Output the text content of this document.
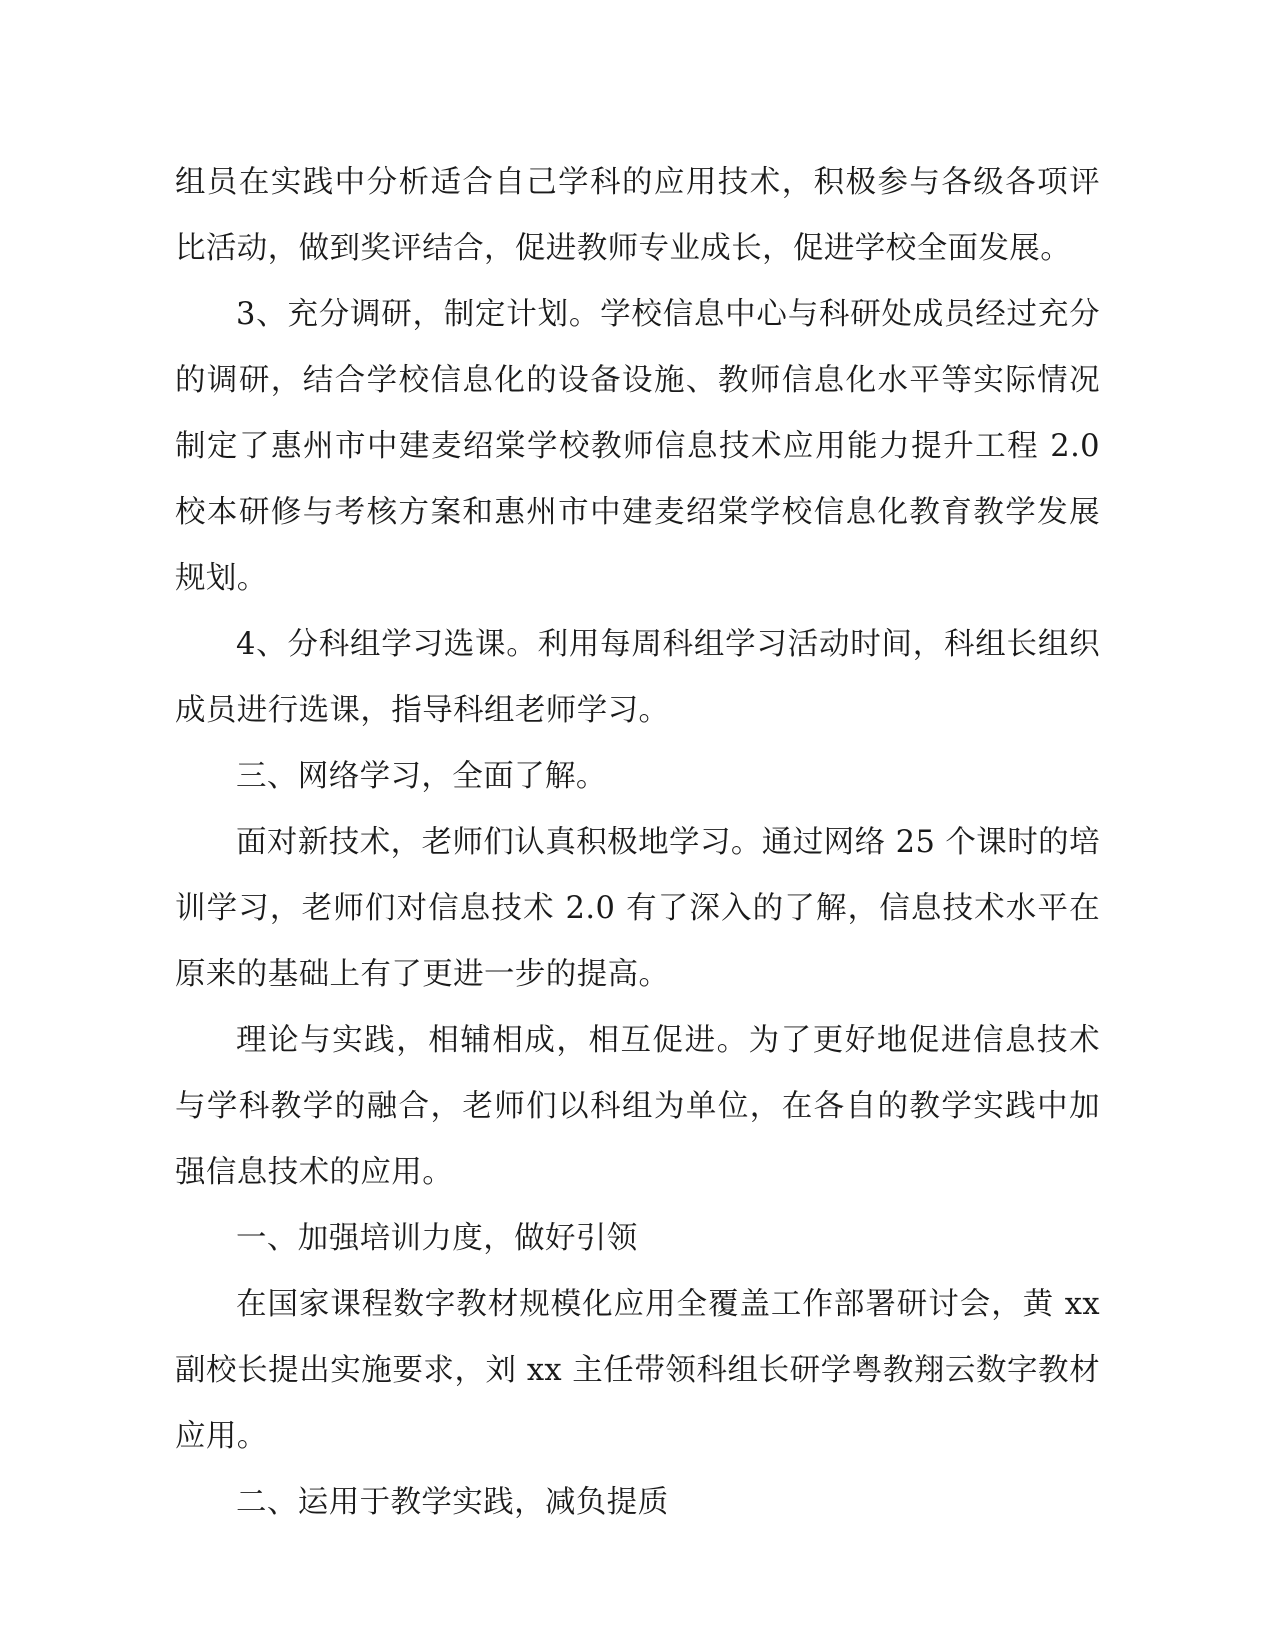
组员在实践中分析适合自己学科的应用技术，积极参与各级各项评比活动，做到奖评结合，促进教师专业成长，促进学校全面发展。

3、充分调研，制定计划。学校信息中心与科研处成员经过充分的调研，结合学校信息化的设备设施、教师信息化水平等实际情况制定了惠州市中建麦绍棠学校教师信息技术应用能力提升工程 2.0 校本研修与考核方案和惠州市中建麦绍棠学校信息化教育教学发展规划。

4、分科组学习选课。利用每周科组学习活动时间，科组长组织成员进行选课，指导科组老师学习。

三、网络学习，全面了解。

面对新技术，老师们认真积极地学习。通过网络 25 个课时的培训学习，老师们对信息技术 2.0 有了深入的了解，信息技术水平在原来的基础上有了更进一步的提高。

理论与实践，相辅相成，相互促进。为了更好地促进信息技术与学科教学的融合，老师们以科组为单位，在各自的教学实践中加强信息技术的应用。

一、加强培训力度，做好引领

在国家课程数字教材规模化应用全覆盖工作部署研讨会，黄 xx 副校长提出实施要求，刘 xx 主任带领科组长研学粤教翔云数字教材应用。

二、运用于教学实践，减负提质
